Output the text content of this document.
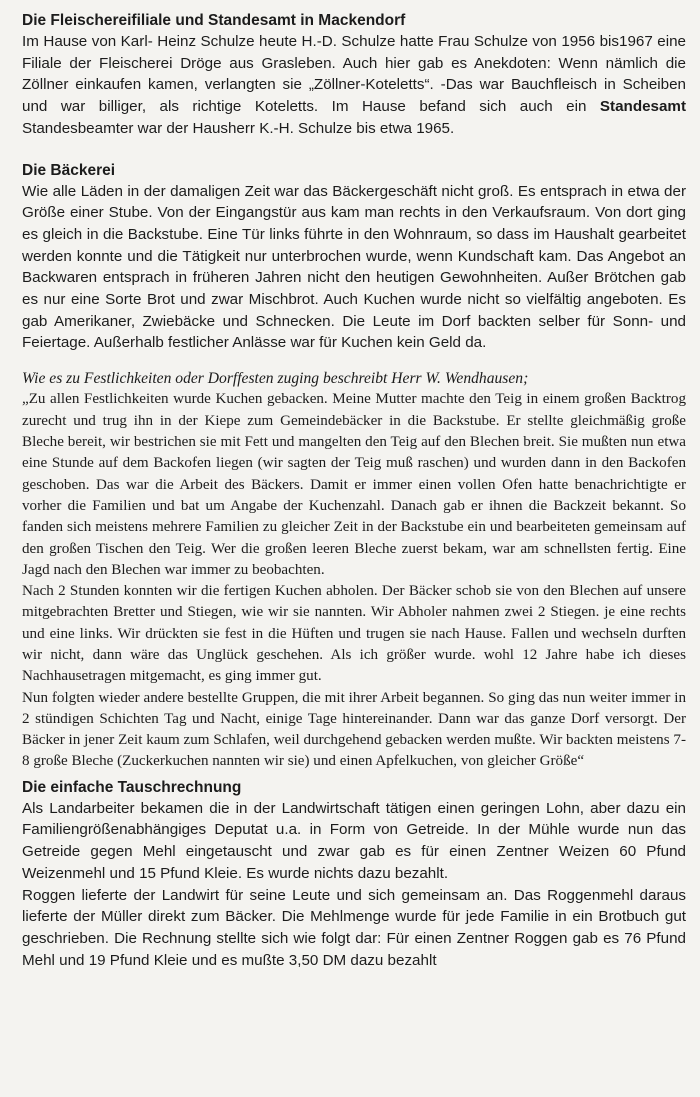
Die Fleischereifiliale und Standesamt in Mackendorf

Im Hause von Karl- Heinz Schulze heute H.-D. Schulze hatte Frau Schulze von 1956 bis1967 eine Filiale der Fleischerei Dröge aus Grasleben. Auch hier gab es Anekdoten: Wenn nämlich die Zöllner einkaufen kamen, verlangten sie „Zöllner-Koteletts“. -Das war Bauchfleisch in Scheiben und war billiger, als richtige Koteletts. Im Hause befand sich auch ein Standesamt Standesbeamter war der Hausherr K.-H. Schulze bis etwa 1965.

Die Bäckerei

Wie alle Läden in der damaligen Zeit war das Bäckergeschäft nicht groß. Es entsprach in etwa der Größe einer Stube. Von der Eingangstür aus kam man rechts in den Verkaufsraum. Von dort ging es gleich in die Backstube. Eine Tür links führte in den Wohnraum, so dass im Haushalt gearbeitet werden konnte und die Tätigkeit nur unterbrochen wurde, wenn Kundschaft kam. Das Angebot an Backwaren entsprach in früheren Jahren nicht den heutigen Gewohnheiten. Außer Brötchen gab es nur eine Sorte Brot und zwar Mischbrot. Auch Kuchen wurde nicht so vielfältig angeboten. Es gab Amerikaner, Zwiebäcke und Schnecken. Die Leute im Dorf backten selber für Sonn- und Feiertage. Außerhalb festlicher Anlässe war für Kuchen kein Geld da.

Wie es zu Festlichkeiten oder Dorffesten zuging beschreibt Herr W. Wendhausen;

„Zu allen Festlichkeiten wurde Kuchen gebacken. Meine Mutter machte den Teig in einem großen Backtrog zurecht und trug ihn in der Kiepe zum Gemeindebäcker in die Backstube. Er stellte gleichmäßig große Bleche bereit, wir bestrichen sie mit Fett und mangelten den Teig auf den Blechen breit. Sie mußten nun etwa eine Stunde auf dem Backofen liegen (wir sagten der Teig muß raschen) und wurden dann in den Backofen geschoben. Das war die Arbeit des Bäckers. Damit er immer einen vollen Ofen hatte benachrichtigte er vorher die Familien und bat um Angabe der Kuchenzahl. Danach gab er ihnen die Backzeit bekannt. So fanden sich meistens mehrere Familien zu gleicher Zeit in der Backstube ein und bearbeiteten gemeinsam auf den großen Tischen den Teig. Wer die großen leeren Bleche zuerst bekam, war am schnellsten fertig. Eine Jagd nach den Blechen war immer zu beobachten.

Nach 2 Stunden konnten wir die fertigen Kuchen abholen. Der Bäcker schob sie von den Blechen auf unsere mitgebrachten Bretter und Stiegen, wie wir sie nannten. Wir Abholer nahmen zwei 2 Stiegen. je eine rechts und eine links. Wir drückten sie fest in die Hüften und trugen sie nach Hause. Fallen und wechseln durften wir nicht, dann wäre das Unglück geschehen. Als ich größer wurde. wohl 12 Jahre habe ich dieses Nachhausetragen mitgemacht, es ging immer gut.

Nun folgten wieder andere bestellte Gruppen, die mit ihrer Arbeit begannen. So ging das nun weiter immer in 2 stündigen Schichten Tag und Nacht, einige Tage hintereinander. Dann war das ganze Dorf versorgt. Der Bäcker in jener Zeit kaum zum Schlafen, weil durchgehend gebacken werden mußte. Wir backten meistens 7-8 große Bleche (Zuckerkuchen nannten wir sie) und einen Apfelkuchen, von gleicher Größe“

Die einfache Tauschrechnung

Als Landarbeiter bekamen die in der Landwirtschaft tätigen einen geringen Lohn, aber dazu ein Familiengrößenabhängiges Deputat u.a. in Form von Getreide. In der Mühle wurde nun das Getreide gegen Mehl eingetauscht und zwar gab es für einen Zentner Weizen 60 Pfund Weizenmehl und 15 Pfund Kleie. Es wurde nichts dazu bezahlt.

Roggen lieferte der Landwirt für seine Leute und sich gemeinsam an. Das Roggenmehl daraus lieferte der Müller direkt zum Bäcker. Die Mehlmenge wurde für jede Familie in ein Brotbuch gut geschrieben. Die Rechnung stellte sich wie folgt dar: Für einen Zentner Roggen gab es 76 Pfund Mehl und 19 Pfund Kleie und es mußte 3,50 DM dazu bezahlt
